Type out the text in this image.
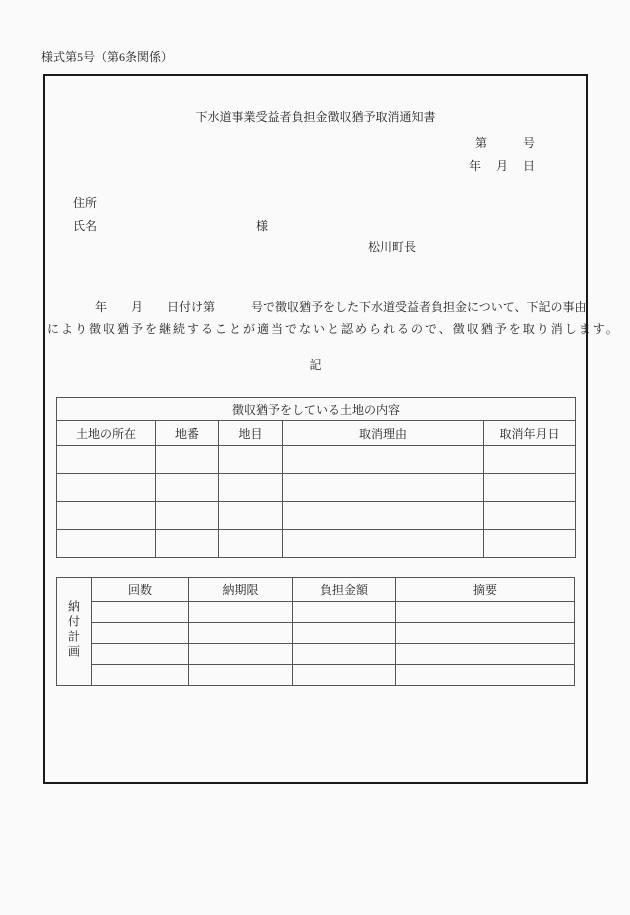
様式第5号（第6条関係）
下水道事業受益者負担金徴収猶予取消通知書
第　　　号
年　 月　 日
住所
氏名	様
松川町長
　　　　年　　月　　日付け第　　　号で徴収猶予をした下水道受益者負担金について、下記の事由
により徴収猶予を継続することが適当でないと認められるので、徴収猶予を取り消します。
記
徴収猶予をしている土地の内容				
土地の所在	地番	地目	取消理由	取消年月日

納付計画	回数	納期限	負担金額	摘要
